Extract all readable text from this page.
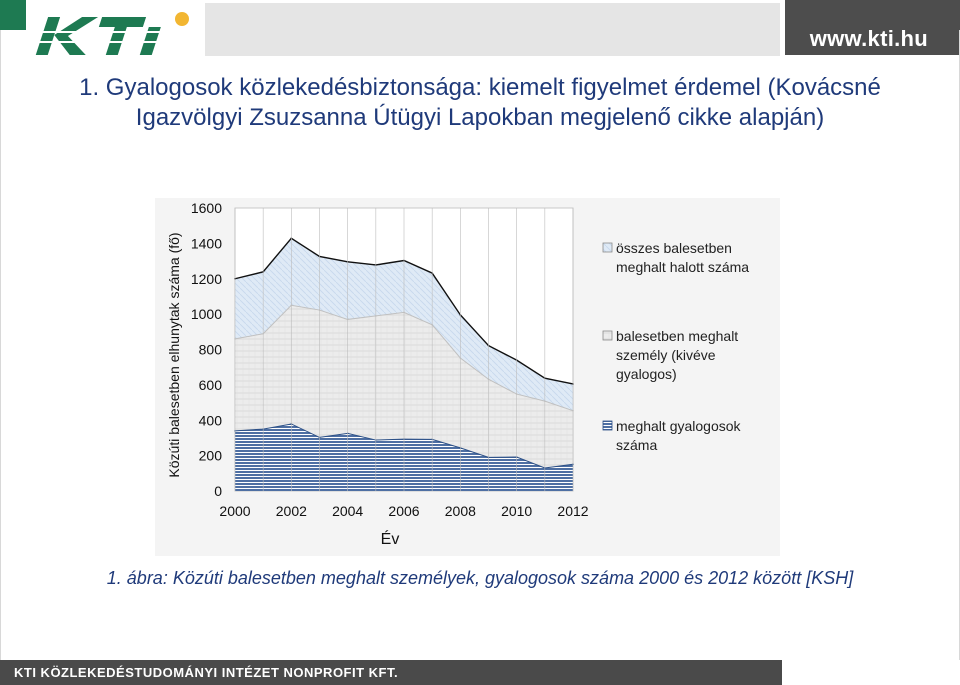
KTI
www.kti.hu
1. Gyalogosok közlekedésbiztonsága: kiemelt figyelmet érdemel (Kovácsné Igazvölgyi Zsuzsanna Útügyi Lapokban megjelenő cikke alapján)
0
200
400
600
800
1000
1200
1400
1600
2000 2002 2004 2006 2008 2010 2012
Év
Közúti balesetben elhunytak száma (fő)	összes balesetben
meghalt halott száma
balesetben meghalt
személy (kivéve
gyalogos)
meghalt gyalogosok
száma
1. ábra: Közúti balesetben meghalt személyek, gyalogosok száma 2000 és 2012 között [KSH]
KTI KÖZLEKEDÉSTUDOMÁNYI INTÉZET NONPROFIT KFT.
